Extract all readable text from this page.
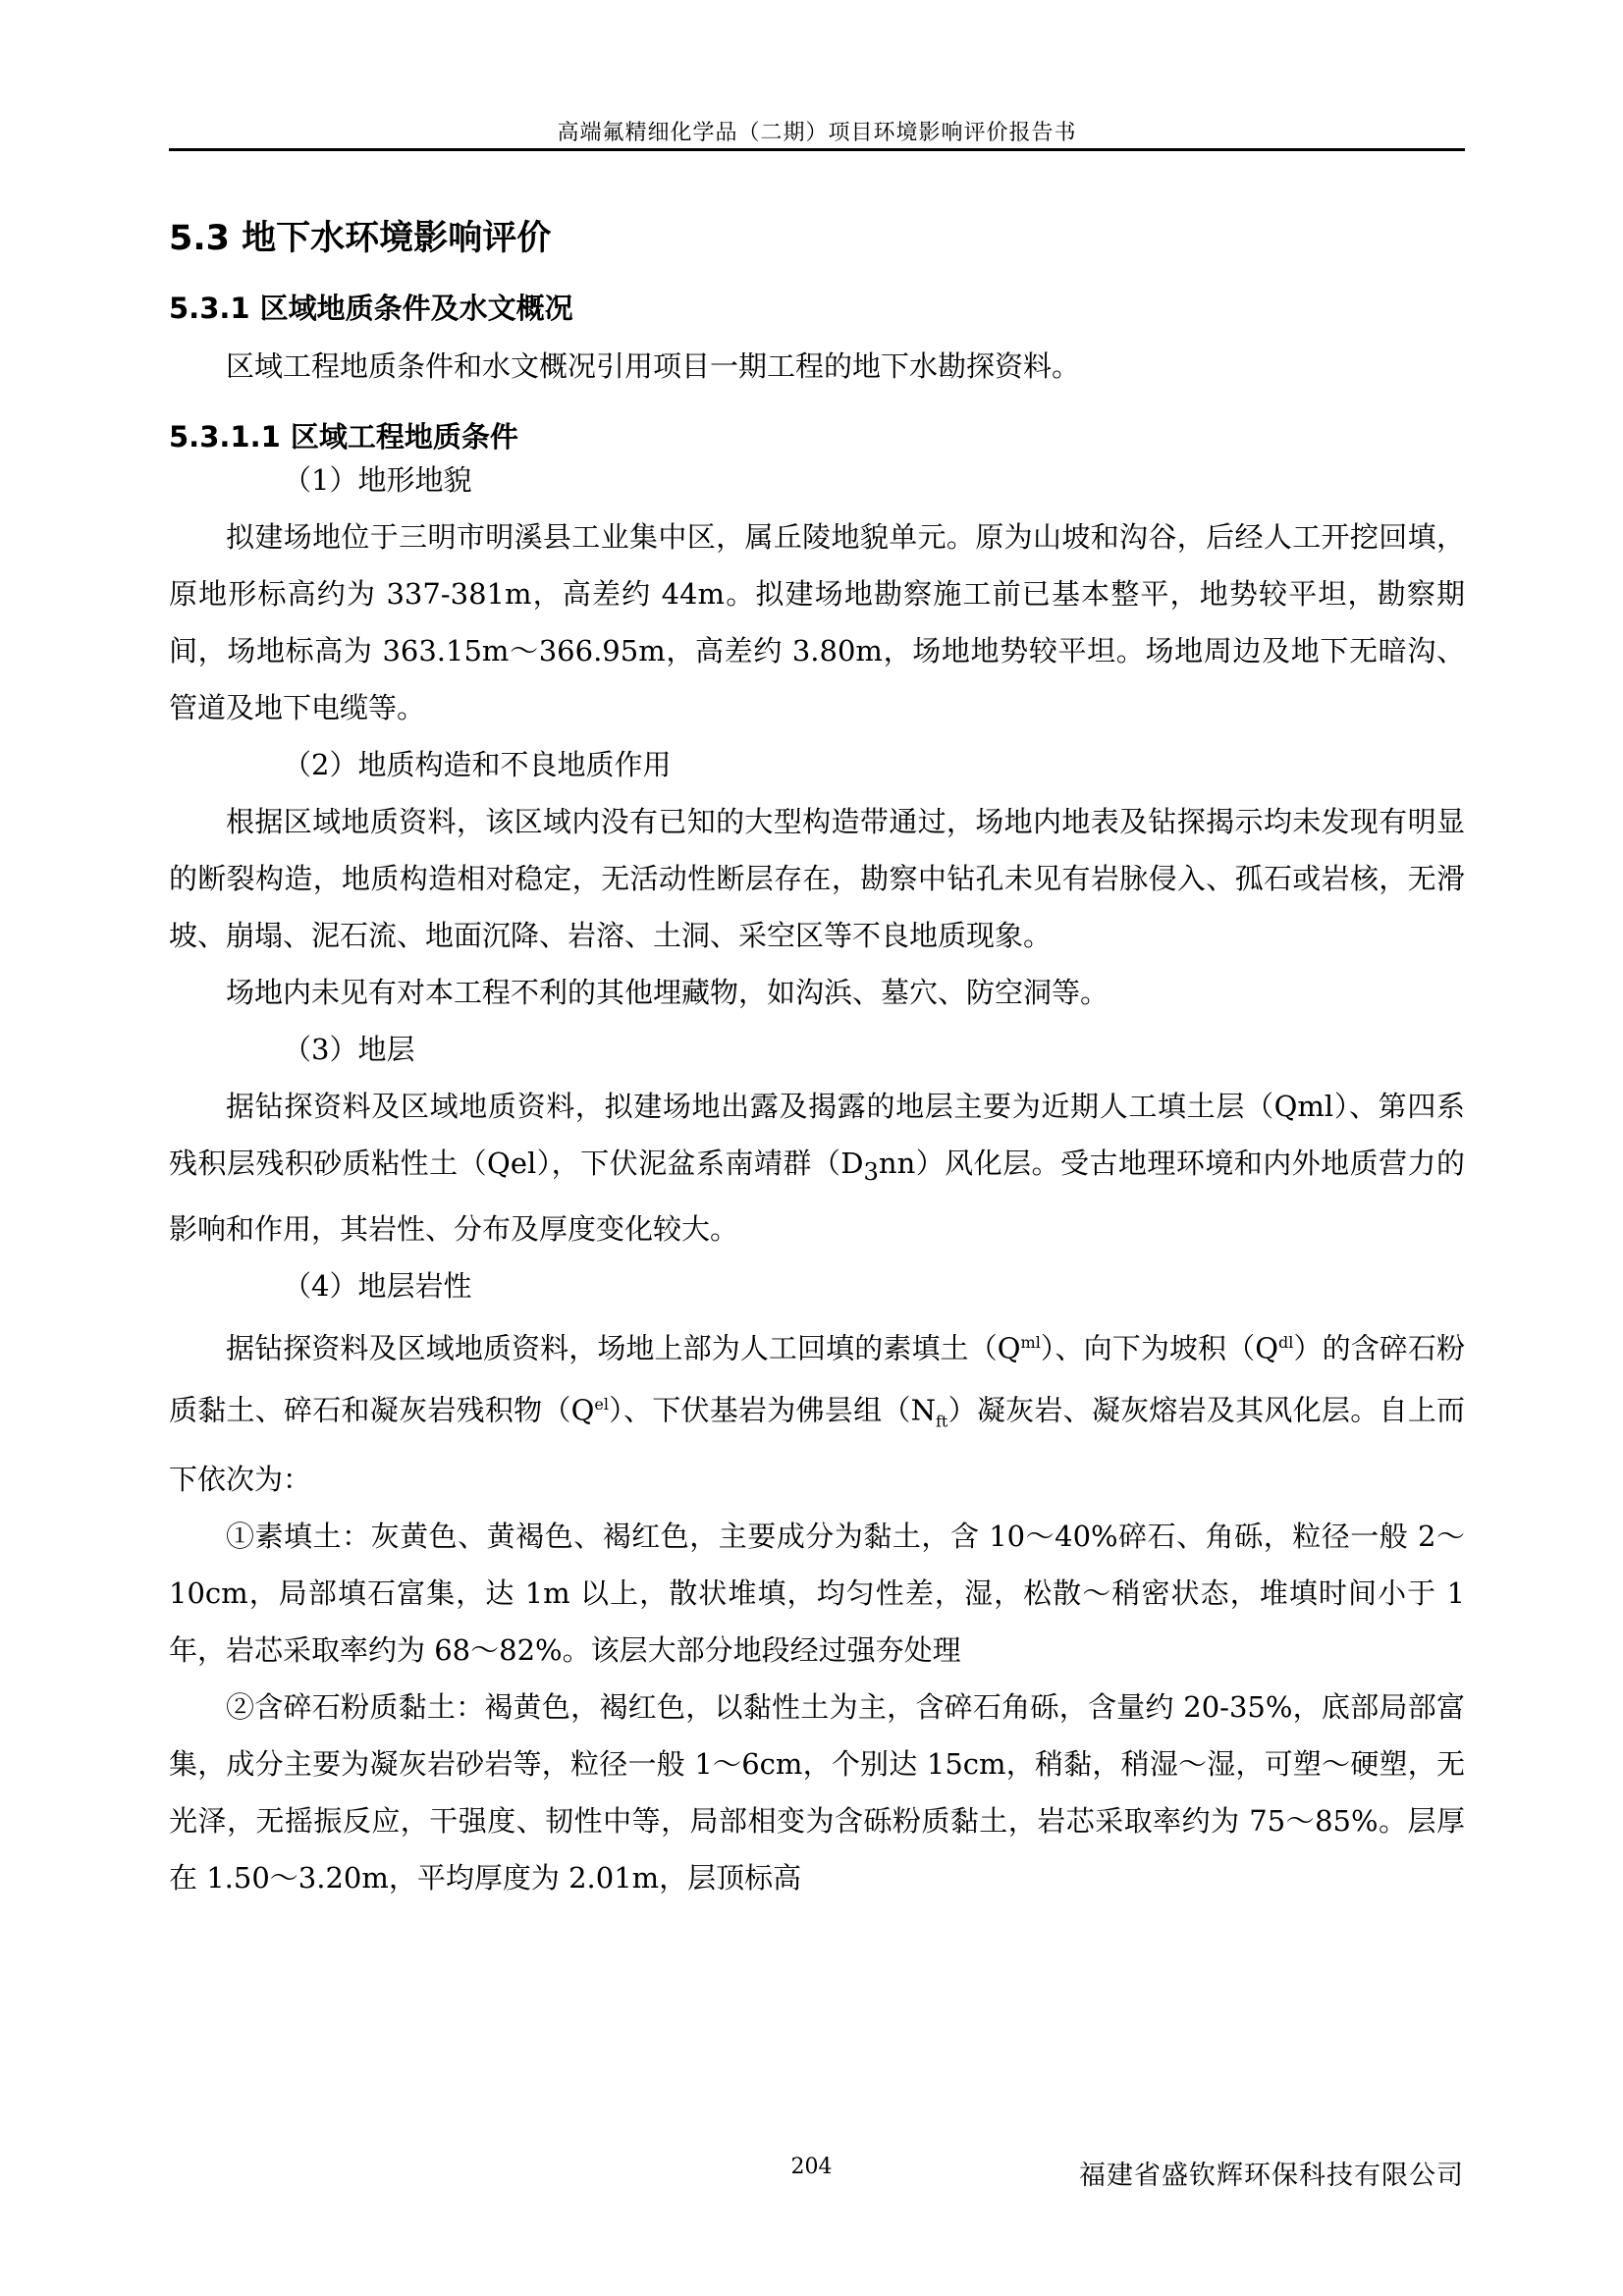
高端氟精细化学品（二期）项目环境影响评价报告书
5.3 地下水环境影响评价
5.3.1 区域地质条件及水文概况

区域工程地质条件和水文概况引用项目一期工程的地下水勘探资料。

（1）地形地貌

拟建场地位于三明市明溪县工业集中区，属丘陵地貌单元。原为山坡和沟谷，后经人工开挖回填，原地形标高约为 337-381m，高差约 44m。拟建场地勘察施工前已基本整平，地势较平坦，勘察期间，场地标高为 363.15m～366.95m，高差约 3.80m，场地地势较平坦。场地周边及地下无暗沟、管道及地下电缆等。

（2）地质构造和不良地质作用

根据区域地质资料，该区域内没有已知的大型构造带通过，场地内地表及钻探揭示均未发现有明显的断裂构造，地质构造相对稳定，无活动性断层存在，勘察中钻孔未见有岩脉侵入、孤石或岩核，无滑坡、崩塌、泥石流、地面沉降、岩溶、土洞、采空区等不良地质现象。

场地内未见有对本工程不利的其他埋藏物，如沟浜、墓穴、防空洞等。

（3）地层

据钻探资料及区域地质资料，拟建场地出露及揭露的地层主要为近期人工填土层（Qml）、第四系残积层残积砂质粘性土（Qel），下伏泥盆系南靖群$(D_3nn)$风化层。受古地理环境和内外地质营力的影响和作用，其岩性、分布及厚度变化较大。

（4）地层岩性

据钻探资料及区域地质资料，场地上部为人工回填的素填土$(Q^{ml})$、向下为坡积$(Q^{dl})$的含碎石粉质黏土、碎石和凝灰岩残积物$(Q^{el})$、下伏基岩为佛昙组$(N_{ft})$凝灰岩、凝灰熔岩及其风化层。自上而下依次为：

①素填土：灰黄色、黄褐色、褐红色，主要成分为黏土，含 10～40%碎石、角砾，粒径一般 2～10cm，局部填石富集，达 1m 以上，散状堆填，均匀性差，湿，松散～稍密状态，堆填时间小于 1 年，岩芯采取率约为 68～82%。该层大部分地段经过强夯处理

②含碎石粉质黏土：褐黄色，褐红色，以黏性土为主，含碎石角砾，含量约 20-35%，底部局部富集，成分主要为凝灰岩砂岩等，粒径一般 1～6cm，个别达 15cm，稍黏，稍湿～湿，可塑～硬塑，无光泽，无摇振反应，干强度、韧性中等，局部相变为含砾粉质黏土，岩芯采取率约为 75～85%。层厚在 1.50～3.20m，平均厚度为 2.01m，层顶标高

5.3.1.1 区域工程地质条件
204	福建省盛钦辉环保科技有限公司
